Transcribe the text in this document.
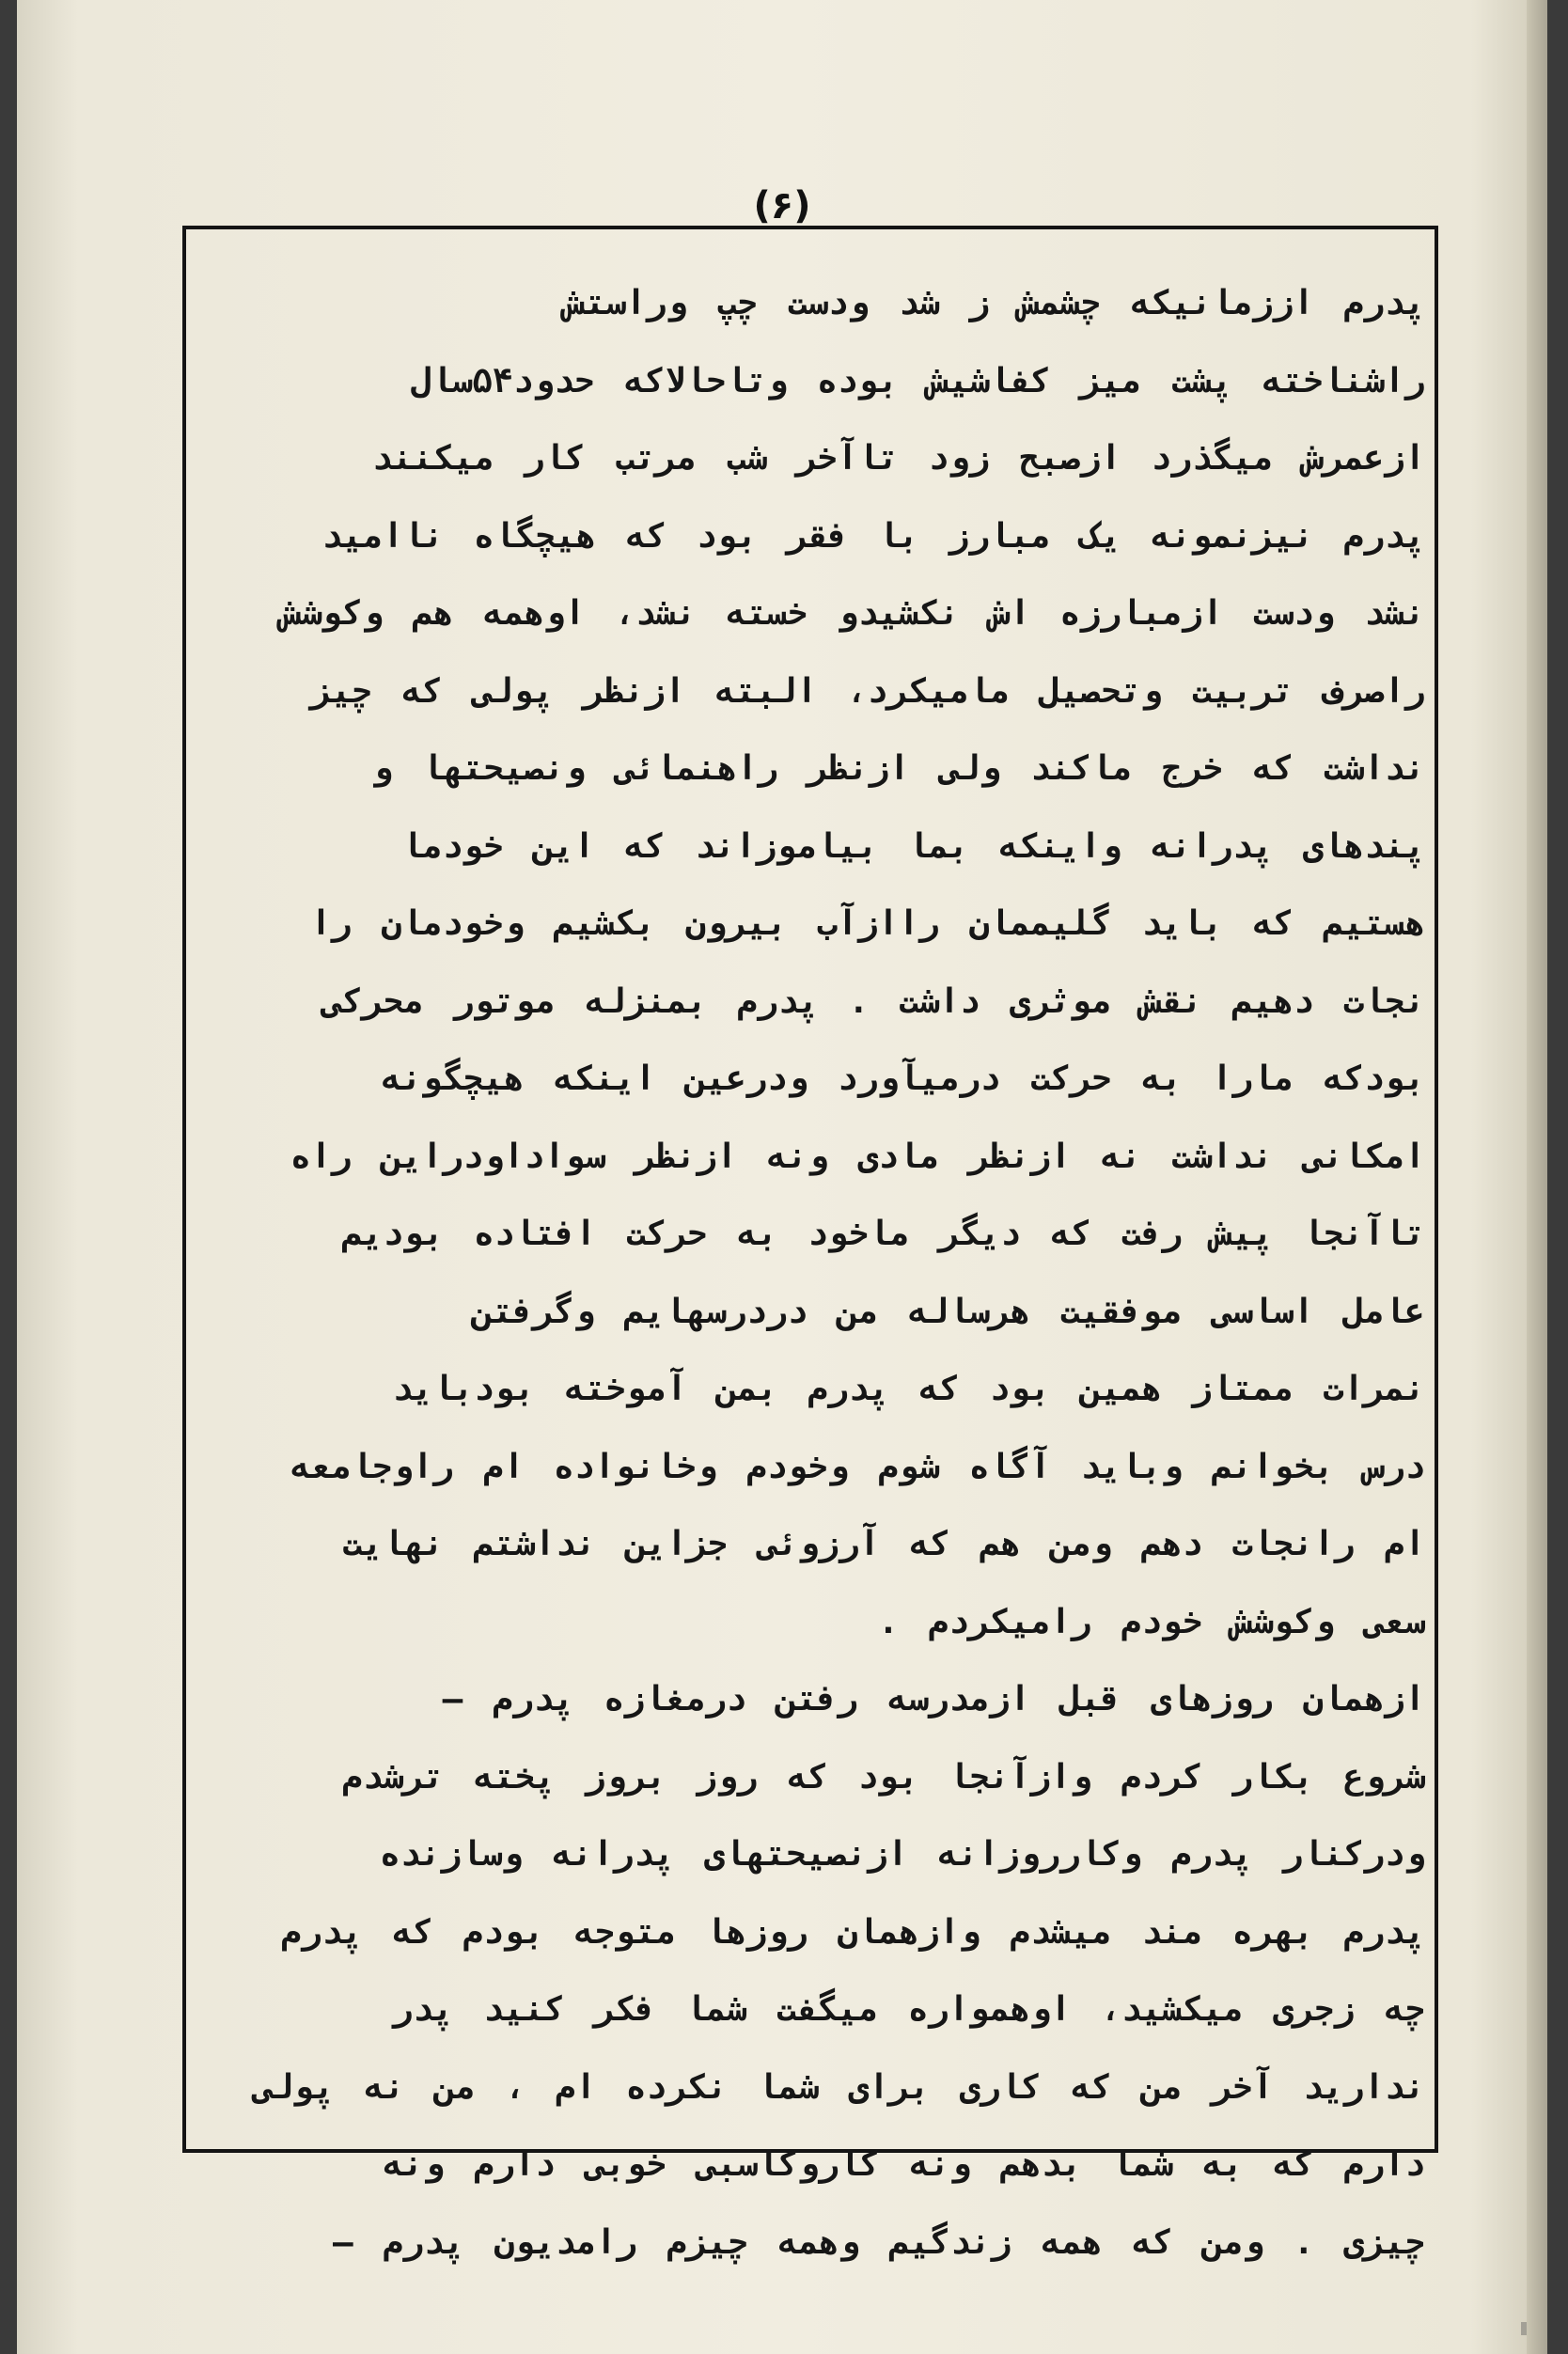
(۶)
پدرم اززمانیکه چشمش ز شد ودست چپ وراستش
راشناخته پشت میز کفاشیش بوده وتاحالاکه حدود۵۴سال
ازعمرش میگذرد ازصبح زود تاآخر شب مرتب کار میکنند
پدرم نیزنمونه یک مبارز با فقر بود که هیچگاه ناامید
نشد ودست ازمبارزه اش نکشیدو خسته نشد، اوهمه هم وکوشش
راصرف تربیت وتحصیل مامیکرد، البته ازنظر پولی که چیز
نداشت که خرج ماکند ولی ازنظر راهنمائی ونصیحتها و
پندهای پدرانه واینکه بما بیاموزاند که این خودما
هستیم که باید گلیممان راازآب بیرون بکشیم وخودمان را
نجات دهیم نقش موثری داشت . پدرم بمنزله موتور محرکی
بودکه مارا به حرکت درمیآورد ودرعین اینکه هیچگونه
امکانی نداشت نه ازنظر مادی ونه ازنظر سواداودراین راه
تاآنجا پیش رفت که دیگر ماخود به حرکت افتاده بودیم
عامل اساسی موفقیت هرساله من دردرسهایم وگرفتن
نمرات ممتاز همین بود که پدرم بمن آموخته بودباید
درس بخوانم وباید آگاه شوم وخودم وخانواده ام راوجامعه
ام رانجات دهم ومن هم که آرزوئی جزاین نداشتم نهایت
سعی وکوشش خودم رامیکردم .
ازهمان روزهای قبل ازمدرسه رفتن درمغازه پدرم —
شروع بکار کردم وازآنجا بود که روز بروز پخته ترشدم
ودرکنار پدرم وکارروزانه ازنصیحتهای پدرانه وسازنده
پدرم بهره مند میشدم وازهمان روزها متوجه بودم که پدرم
چه زجری میکشید، اوهمواره میگفت شما فکر کنید پدر
ندارید آخر من که کاری برای شما نکرده ام ، من نه پولی
دارم که به شما بدهم ونه کاروکاسبی خوبی دارم ونه
چیزی . ومن که همه زندگیم وهمه چیزم رامدیون پدرم —
